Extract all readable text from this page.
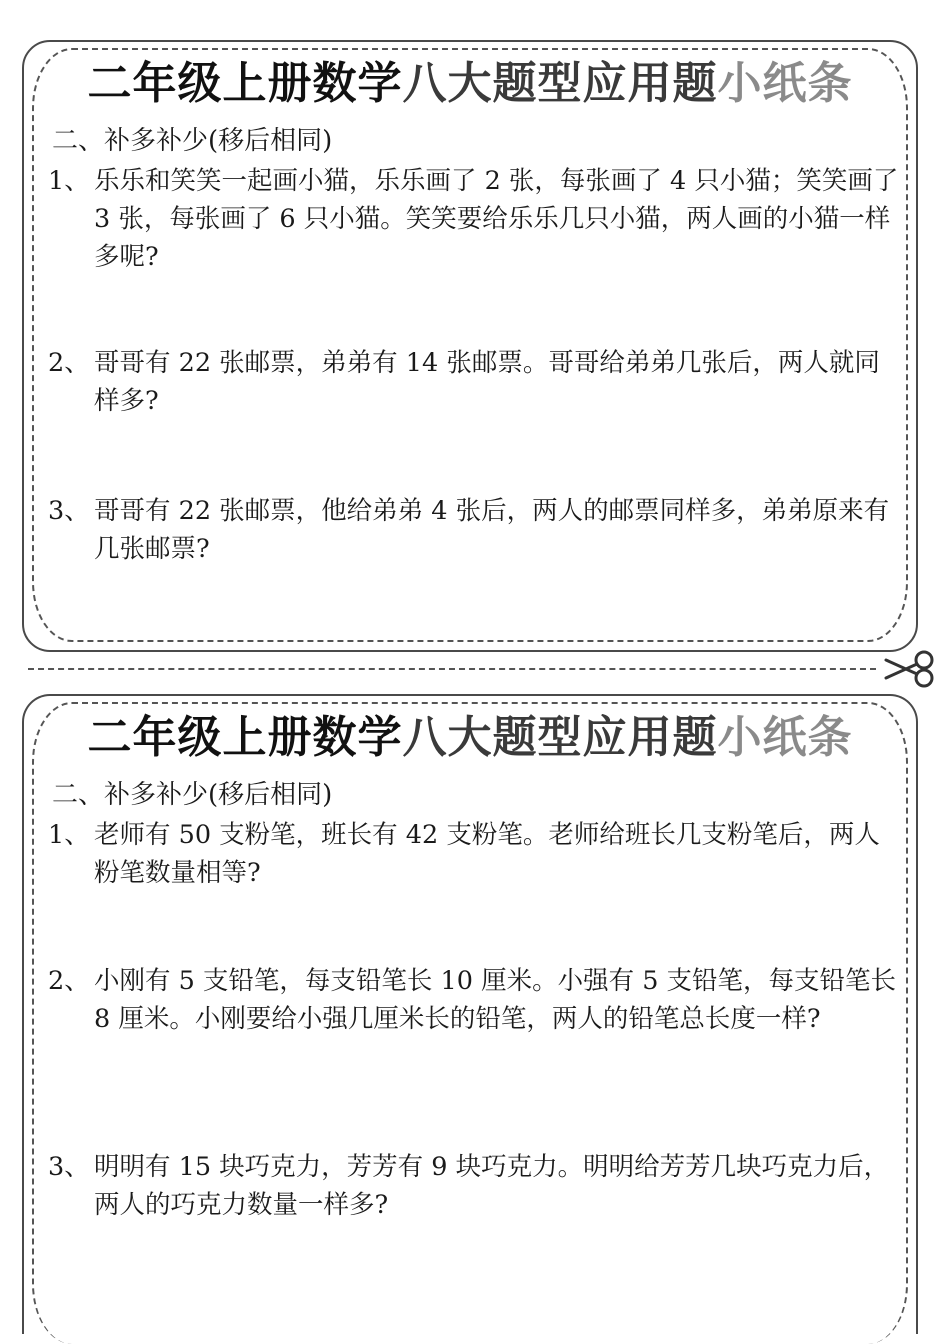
二年级上册数学八大题型应用题小纸条
二、补多补少(移后相同)
1、 乐乐和笑笑一起画小猫，乐乐画了 2 张，每张画了 4 只小猫；笑笑画了 3 张，每张画了 6 只小猫。笑笑要给乐乐几只小猫，两人画的小猫一样多呢?
2、 哥哥有 22 张邮票，弟弟有 14 张邮票。哥哥给弟弟几张后，两人就同样多?
3、 哥哥有 22 张邮票，他给弟弟 4 张后，两人的邮票同样多，弟弟原来有几张邮票?
二年级上册数学八大题型应用题小纸条
二、补多补少(移后相同)
1、 老师有 50 支粉笔，班长有 42 支粉笔。老师给班长几支粉笔后，两人粉笔数量相等?
2、 小刚有 5 支铅笔，每支铅笔长 10 厘米。小强有 5 支铅笔，每支铅笔长 8 厘米。小刚要给小强几厘米长的铅笔，两人的铅笔总长度一样?
3、 明明有 15 块巧克力，芳芳有 9 块巧克力。明明给芳芳几块巧克力后，两人的巧克力数量一样多?
